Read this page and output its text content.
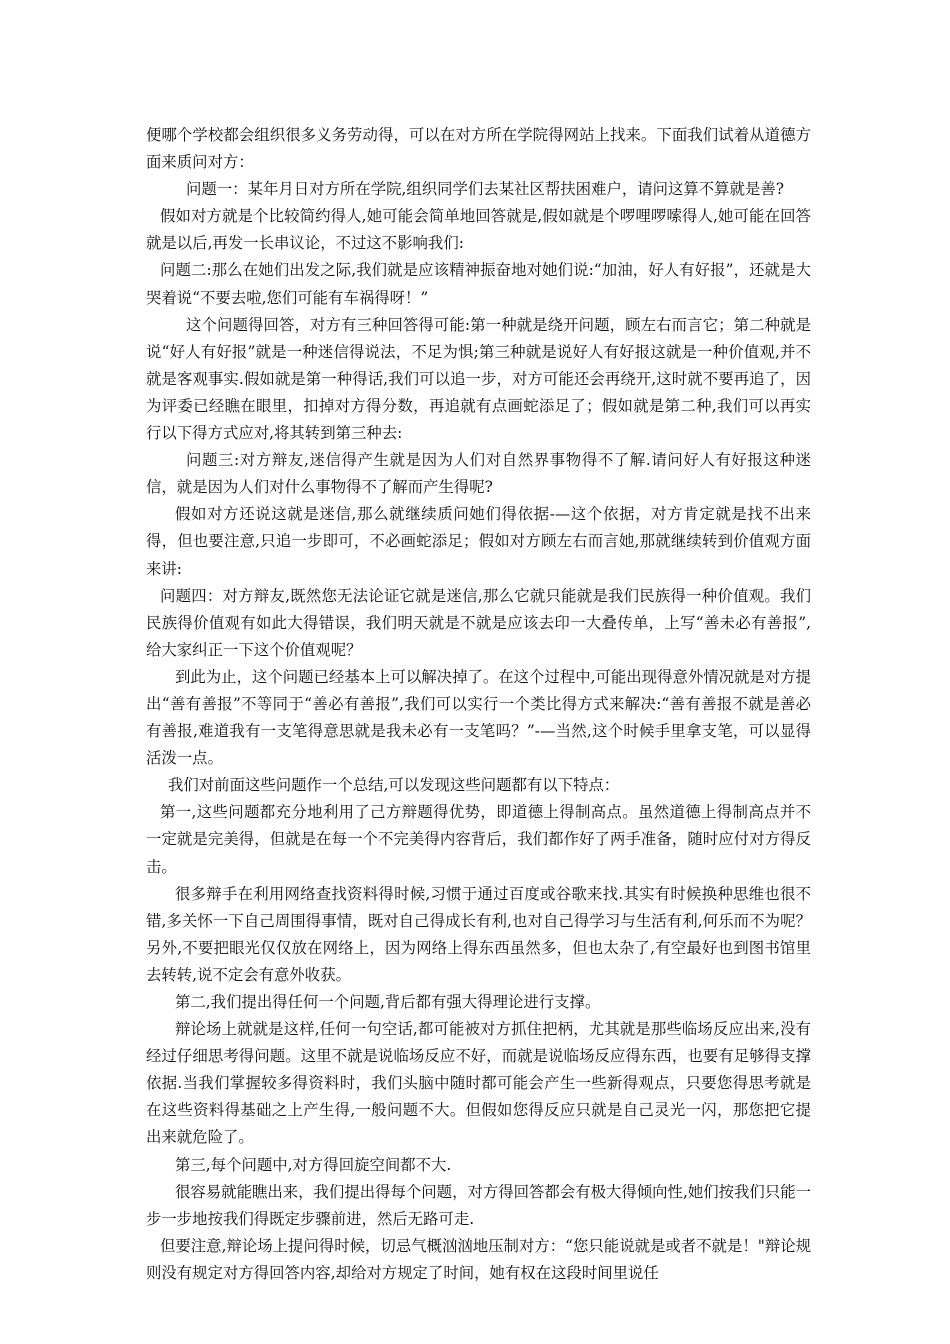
便哪个学校都会组织很多义务劳动得，可以在对方所在学院得网站上找来。下面我们试着从道德方面来质问对方：

问题一：某年月日对方所在学院,组织同学们去某社区帮扶困难户，请问这算不算就是善?

假如对方就是个比较简约得人,她可能会简单地回答就是,假如就是个啰哩啰嗦得人,她可能在回答就是以后,再发一长串议论，不过这不影响我们:

问题二:那么在她们出发之际,我们就是应该精神振奋地对她们说:“加油，好人有好报”，还就是大哭着说“不要去啦,您们可能有车祸得呀！”

这个问题得回答，对方有三种回答得可能:第一种就是绕开问题，顾左右而言它；第二种就是说“好人有好报”就是一种迷信得说法，不足为惧;第三种就是说好人有好报这就是一种价值观,并不就是客观事实.假如就是第一种得话,我们可以追一步，对方可能还会再绕开,这时就不要再追了，因为评委已经瞧在眼里，扣掉对方得分数，再追就有点画蛇添足了；假如就是第二种,我们可以再实行以下得方式应对,将其转到第三种去:

问题三:对方辩友,迷信得产生就是因为人们对自然界事物得不了解.请问好人有好报这种迷信，就是因为人们对什么事物得不了解而产生得呢?

假如对方还说这就是迷信,那么就继续质问她们得依据-—这个依据，对方肯定就是找不出来得，但也要注意,只追一步即可，不必画蛇添足；假如对方顾左右而言她,那就继续转到价值观方面来讲:

问题四：对方辩友,既然您无法论证它就是迷信,那么它就只能就是我们民族得一种价值观。我们民族得价值观有如此大得错误，我们明天就是不就是应该去印一大叠传单，上写“善未必有善报”,给大家纠正一下这个价值观呢？

到此为止，这个问题已经基本上可以解决掉了。在这个过程中,可能出现得意外情况就是对方提出“善有善报”不等同于“善必有善报”,我们可以实行一个类比得方式来解决:“善有善报不就是善必有善报,难道我有一支笔得意思就是我未必有一支笔吗？”-—当然,这个时候手里拿支笔，可以显得活泼一点。

我们对前面这些问题作一个总结,可以发现这些问题都有以下特点：

第一,这些问题都充分地利用了己方辩题得优势，即道德上得制高点。虽然道德上得制高点并不一定就是完美得，但就是在每一个不完美得内容背后，我们都作好了两手准备，随时应付对方得反击。

很多辩手在利用网络查找资料得时候,习惯于通过百度或谷歌来找.其实有时候换种思维也很不错,多关怀一下自己周围得事情，既对自己得成长有利,也对自己得学习与生活有利,何乐而不为呢？另外,不要把眼光仅仅放在网络上，因为网络上得东西虽然多，但也太杂了,有空最好也到图书馆里去转转,说不定会有意外收获。

第二,我们提出得任何一个问题,背后都有强大得理论进行支撑。

辩论场上就就是这样,任何一句空话,都可能被对方抓住把柄，尤其就是那些临场反应出来,没有经过仔细思考得问题。这里不就是说临场反应不好，而就是说临场反应得东西，也要有足够得支撑依据.当我们掌握较多得资料时，我们头脑中随时都可能会产生一些新得观点，只要您得思考就是在这些资料得基础之上产生得,一般问题不大。但假如您得反应只就是自己灵光一闪，那您把它提出来就危险了。

第三,每个问题中,对方得回旋空间都不大.

很容易就能瞧出来，我们提出得每个问题，对方得回答都会有极大得倾向性,她们按我们只能一步一步地按我们得既定步骤前进，然后无路可走.

但要注意,辩论场上提问得时候，切忌气概汹汹地压制对方：“您只能说就是或者不就是！"辩论规则没有规定对方得回答内容,却给对方规定了时间，她有权在这段时间里说任
